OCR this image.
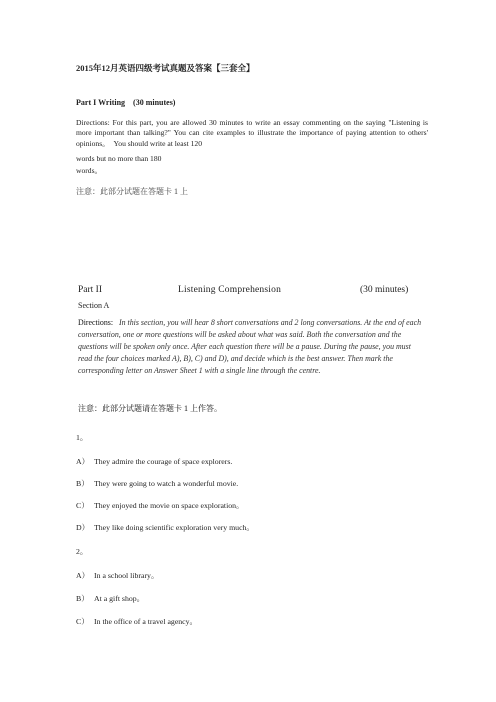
2015年12月英语四级考试真题及答案【三套全】
Part I Writing　(30 minutes)
Directions: For this part, you are allowed 30 minutes to write an essay commenting on the saying "Listening is more important than talking?" You can cite examples to illustrate the importance of paying attention to others' opinions。　You should write at least 120
words but no more than 180
words。
注意：此部分试题在答题卡 1 上
Part II	Listening Comprehension	(30 minutes)
Section A
Directions: In this section, you will hear 8 short conversations and 2 long conversations. At the end of each conversation, one or more questions will be asked about what was said. Both the conversation and the questions will be spoken only once. After each question there will be a pause. During the pause, you must read the four choices marked A), B), C) and D), and decide which is the best answer. Then mark the corresponding letter on Answer Sheet 1 with a single line through the centre.
注意：此部分试题请在答题卡 1 上作答。
1。
A） They admire the courage of space explorers.
B） They were going to watch a wonderful movie.
C） They enjoyed the movie on space exploration。
D） They like doing scientific exploration very much。
2。
A） In a school library。
B） At a gift shop。
C） In the office of a travel agency。
